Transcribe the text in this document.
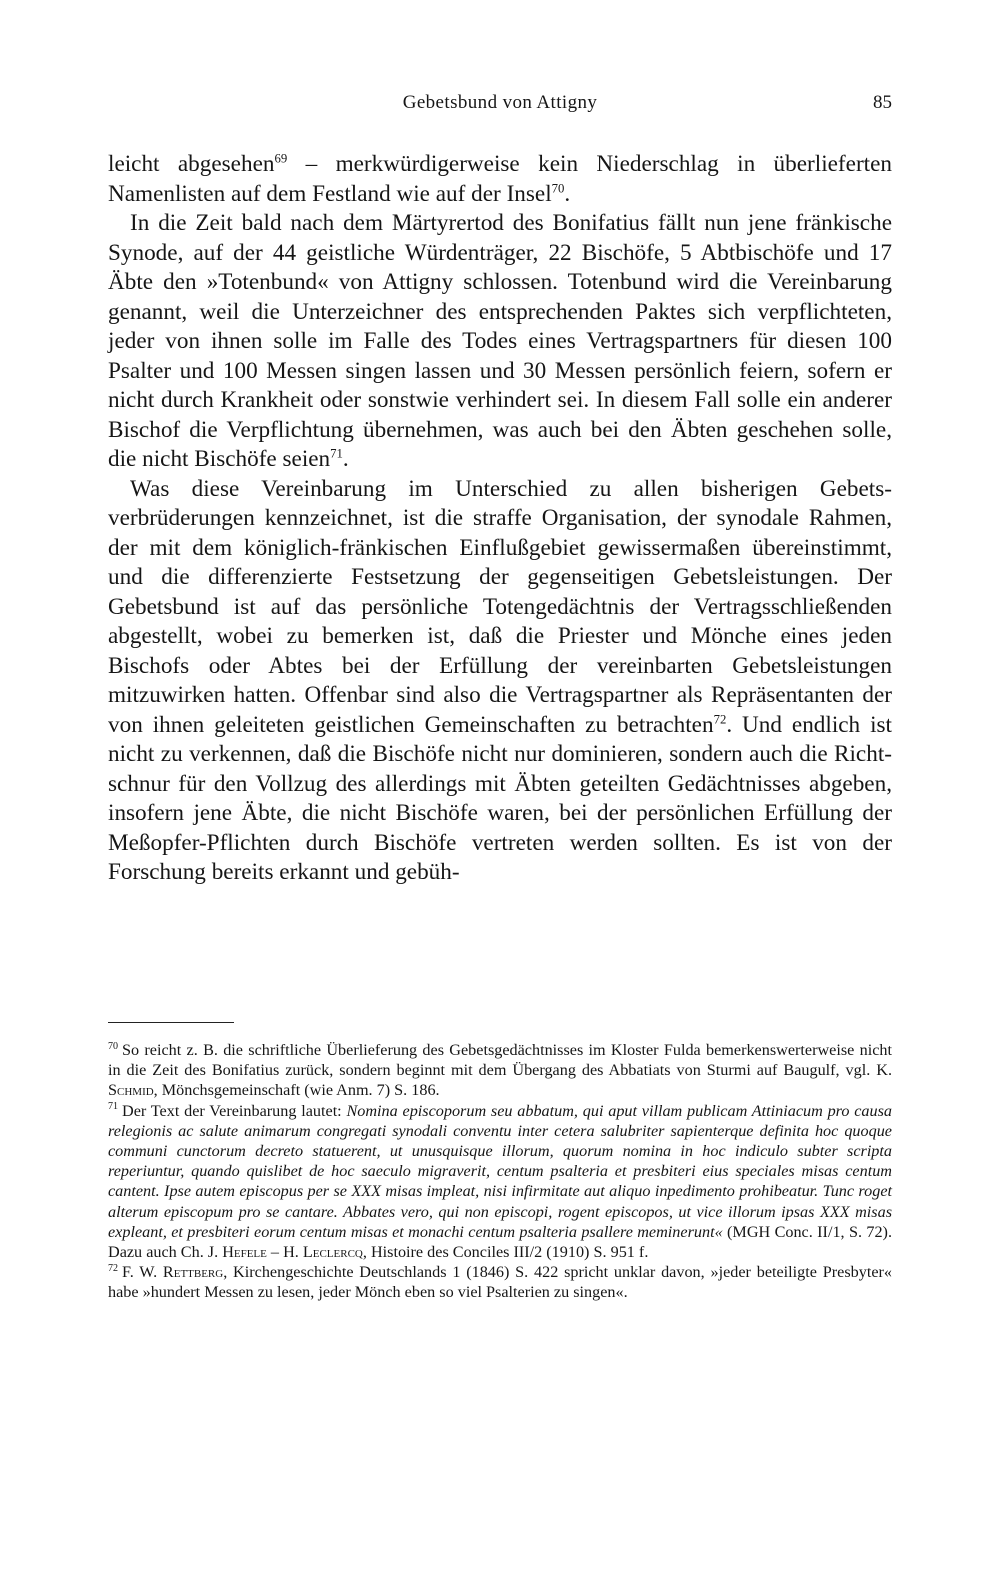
Gebetsbund von Attigny	85

leicht abgesehen$^{69}$ – merkwürdigerweise kein Niederschlag in überlieferten Namenlisten auf dem Festland wie auf der Insel$^{70}$.

In die Zeit bald nach dem Märtyrertod des Bonifatius fällt nun jene fränkische Synode, auf der 44 geistliche Würdenträger, 22 Bischöfe, 5 Abtbischöfe und 17 Äbte den »Totenbund« von Attigny schlossen. Totenbund wird die Vereinbarung genannt, weil die Unterzeichner des entsprechenden Paktes sich verpflichteten, jeder von ihnen solle im Falle des Todes eines Vertragspartners für diesen 100 Psalter und 100 Messen singen lassen und 30 Messen persönlich feiern, sofern er nicht durch Krankheit oder sonstwie verhindert sei. In diesem Fall solle ein anderer Bischof die Verpflichtung übernehmen, was auch bei den Äbten geschehen solle, die nicht Bischöfe seien$^{71}$.

Was diese Vereinbarung im Unterschied zu allen bisherigen Gebetsverbrüderungen kennzeichnet, ist die straffe Organisation, der synodale Rahmen, der mit dem königlich-fränkischen Einflußgebiet gewissermaßen übereinstimmt, und die differenzierte Festsetzung der gegenseitigen Gebetsleistungen. Der Gebetsbund ist auf das persönliche Totengedächtnis der Vertragsschließenden abgestellt, wobei zu bemerken ist, daß die Priester und Mönche eines jeden Bischofs oder Abtes bei der Erfüllung der vereinbarten Gebetsleistungen mitzuwirken hatten. Offenbar sind also die Vertragspartner als Repräsentanten der von ihnen geleiteten geistlichen Gemeinschaften zu betrachten$^{72}$. Und endlich ist nicht zu verkennen, daß die Bischöfe nicht nur dominieren, sondern auch die Richtschnur für den Vollzug des allerdings mit Äbten geteilten Gedächtnisses abgeben, insofern jene Äbte, die nicht Bischöfe waren, bei der persönlichen Erfüllung der Meßopfer-Pflichten durch Bischöfe vertreten werden sollten. Es ist von der Forschung bereits erkannt und gebüh-

$^{70}$ So reicht z. B. die schriftliche Überlieferung des Gebetsgedächtnisses im Kloster Fulda bemerkenswerterweise nicht in die Zeit des Bonifatius zurück, sondern beginnt mit dem Übergang des Abbatiats von Sturmi auf Baugulf, vgl. K. Schmid, Mönchsgemeinschaft (wie Anm. 7) S. 186.

$^{71}$ Der Text der Vereinbarung lautet: Nomina episcoporum seu abbatum, qui aput villam publicam Attiniacum pro causa relegionis ac salute animarum congregati synodali conventu inter cetera salubriter sapienterque definita hoc quoque communi cunctorum decreto statuerent, ut unusquisque illorum, quorum nomina in hoc indiculo subter scripta reperiuntur, quando quislibet de hoc saeculo migraverit, centum psalteria et presbiteri eius speciales misas centum cantent. Ipse autem episcopus per se XXX misas impleat, nisi infirmitate aut aliquo inpedimento prohibeatur. Tunc roget alterum episcopum pro se cantare. Abbates vero, qui non episcopi, rogent episcopos, ut vice illorum ipsas XXX misas expleant, et presbiteri eorum centum misas et monachi centum psalteria psallere meminerunt« (MGH Conc. II/1, S. 72). Dazu auch Ch. J. Hefele – H. Leclercq, Histoire des Conciles III/2 (1910) S. 951 f.

$^{72}$ F. W. Rettberg, Kirchengeschichte Deutschlands 1 (1846) S. 422 spricht unklar davon, »jeder beteiligte Presbyter« habe »hundert Messen zu lesen, jeder Mönch eben so viel Psalterien zu singen«.
